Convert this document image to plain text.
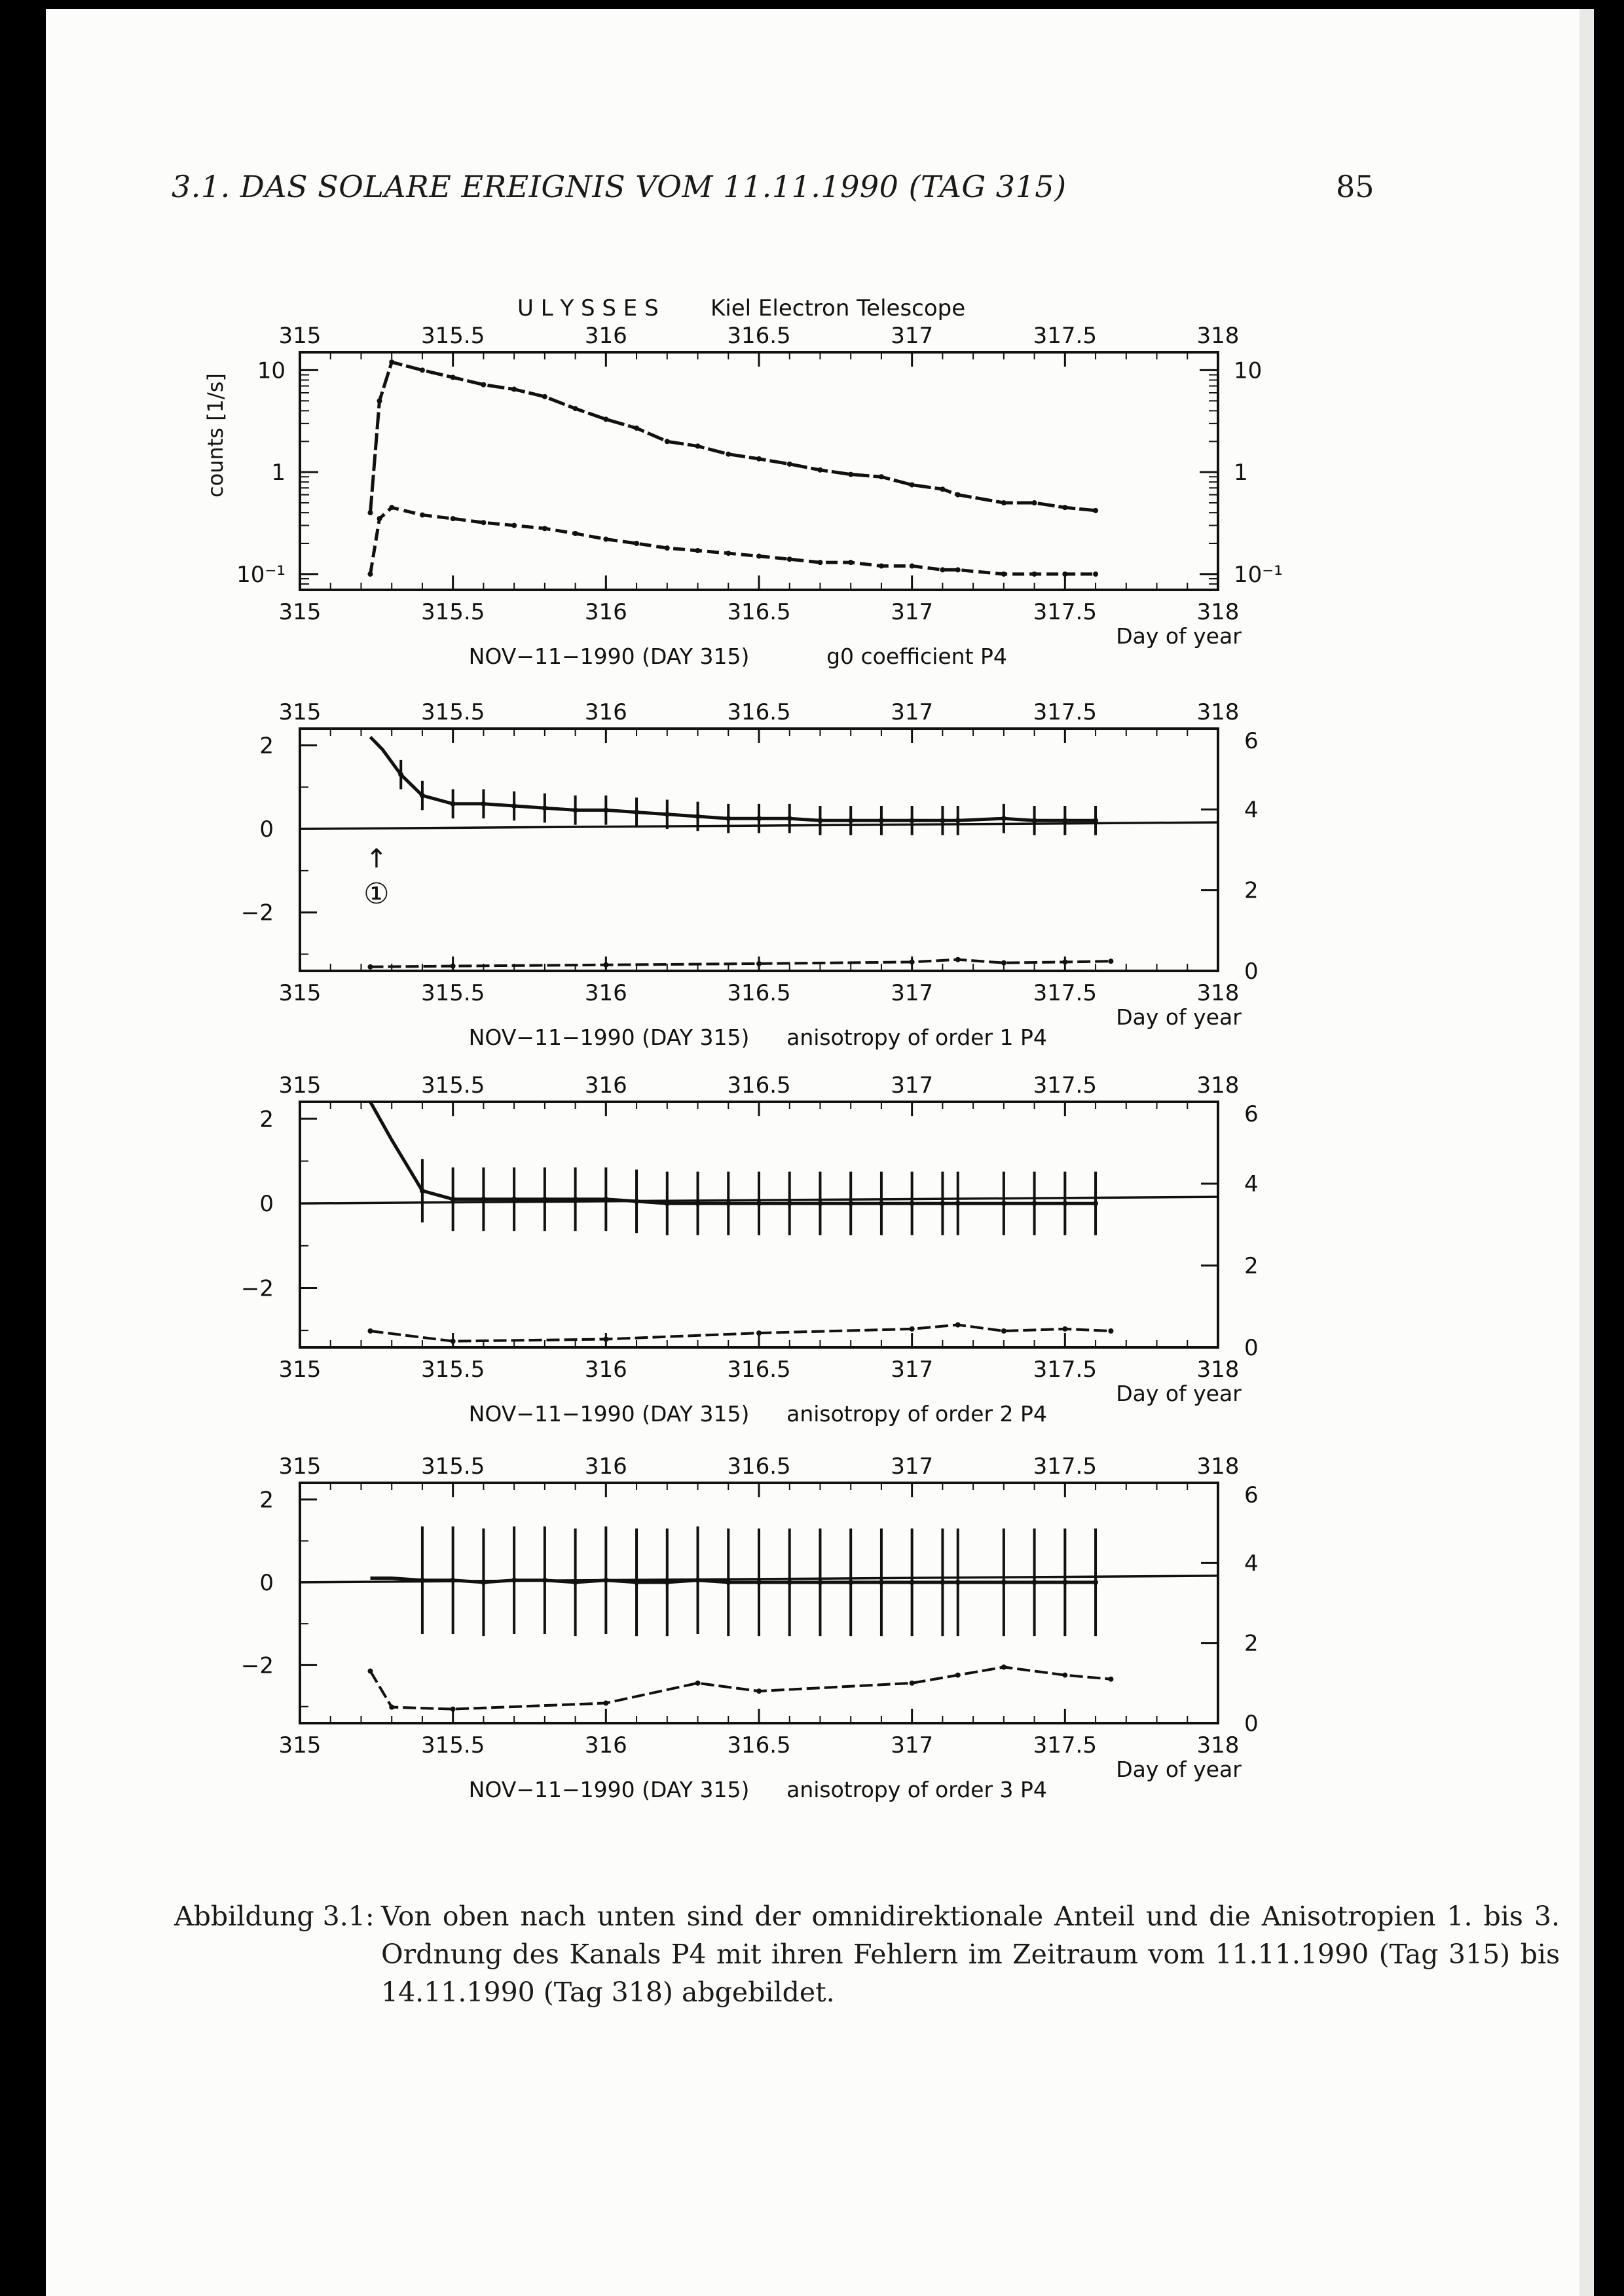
3.1. DAS SOLARE EREIGNIS VOM 11.11.1990 (TAG 315)	85
U L Y S S E S Kiel Electron Telescope
counts [1/s]
315
315
315.5
315.5
316
316
316.5
316.5
317
317
317.5
317.5
318
318
Day of year
NOV−11−1990 (DAY 315)	g0 coefficient P4
10	10
1	1
10⁻¹	10⁻¹
315
315
315.5
315.5
316
316
316.5
316.5
317
317
317.5
317.5
318
318
Day of year
NOV−11−1990 (DAY 315) anisotropy of order 1 P4
2
0
−2
6
4
2
0
↑
①
315
315
315.5
315.5
316
316
316.5
316.5
317
317
317.5
317.5
318
318
Day of year
NOV−11−1990 (DAY 315) anisotropy of order 2 P4
2
0
−2
6
4
2
0
315
315
315.5
315.5
316
316
316.5
316.5
317
317
317.5
317.5
318
318
Day of year
NOV−11−1990 (DAY 315) anisotropy of order 3 P4
2
0
−2
6
4
2
0
Abbildung 3.1: Von oben nach unten sind der omnidirektionale Anteil und die Anisotropien 1. bis 3. Ordnung des Kanals P4 mit ihren Fehlern im Zeitraum vom 11.11.1990 (Tag 315) bis 14.11.1990 (Tag 318) abgebildet.
